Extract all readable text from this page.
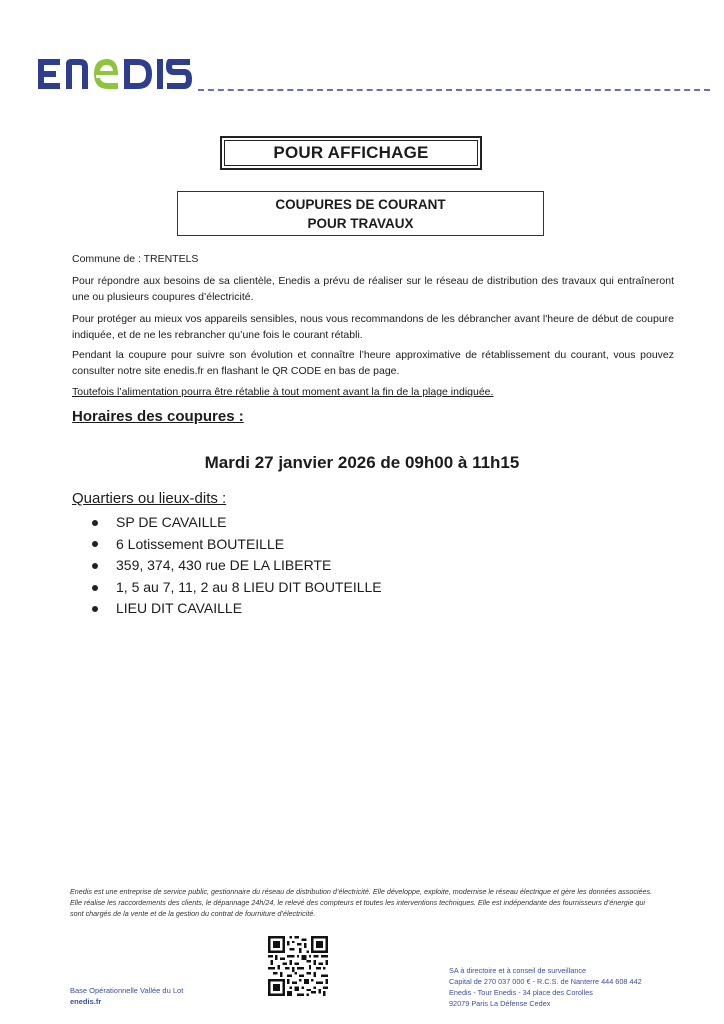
POUR AFFICHAGE
COUPURES DE COURANT
POUR TRAVAUX
Commune de : TRENTELS
Pour répondre aux besoins de sa clientèle, Enedis a prévu de réaliser sur le réseau de distribution des travaux qui entraîneront une ou plusieurs coupures d’électricité.
Pour protéger au mieux vos appareils sensibles, nous vous recommandons de les débrancher avant l'heure de début de coupure indiquée, et de ne les rebrancher qu’une fois le courant rétabli.
Pendant la coupure pour suivre son évolution et connaître l’heure approximative de rétablissement du courant, vous pouvez consulter notre site enedis.fr en flashant le QR CODE en bas de page.
Toutefois l’alimentation pourra être rétablie à tout moment avant la fin de la plage indiquée.
Horaires des coupures :
Mardi 27 janvier 2026 de 09h00 à 11h15
Quartiers ou lieux-dits :
SP DE CAVAILLE
6 Lotissement BOUTEILLE
359, 374, 430 rue DE LA LIBERTE
1, 5 au 7, 11, 2 au 8 LIEU DIT BOUTEILLE
LIEU DIT CAVAILLE
Enedis est une entreprise de service public, gestionnaire du réseau de distribution d’électricité. Elle développe, exploite, modernise le réseau électrique et gère les données associées. Elle réalise les raccordements des clients, le dépannage 24h/24, le relevé des compteurs et toutes les interventions techniques. Elle est indépendante des fournisseurs d’énergie qui sont chargés de la vente et de la gestion du contrat de fourniture d’électricité.
Base Opérationnelle Vallée du Lot
enedis.fr
SA à directoire et à conseil de surveillance
Capital de 270 037 000 € - R.C.S. de Nanterre 444 608 442
Enedis - Tour Enedis - 34 place des Corolles
92079 Paris La Défense Cedex
